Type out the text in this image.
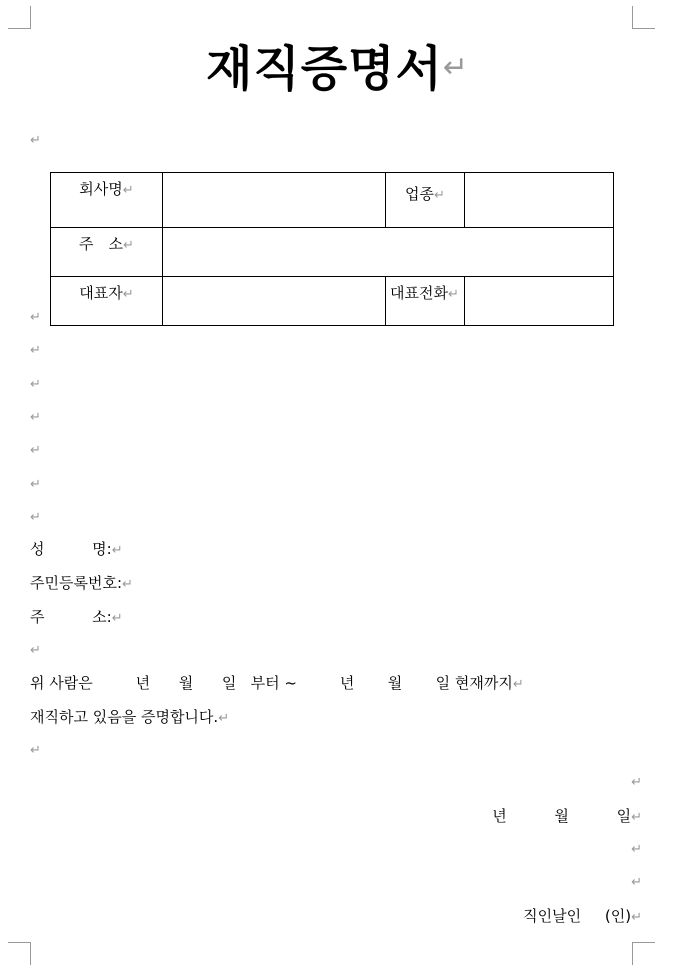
재직증명서↵
↵
회사명↵		업종↵	

주　소↵			

대표자↵		대표전화↵	
↵
↵
↵
↵
↵
↵
↵
성          명:↵
주민등록번호:↵
주          소:↵
↵
위 사람은         년      월      일   부터 ~         년       월       일 현재까지↵
재직하고 있음을 증명합니다.↵
↵
↵
년          월          일↵
↵
↵
직인날인     (인)↵
